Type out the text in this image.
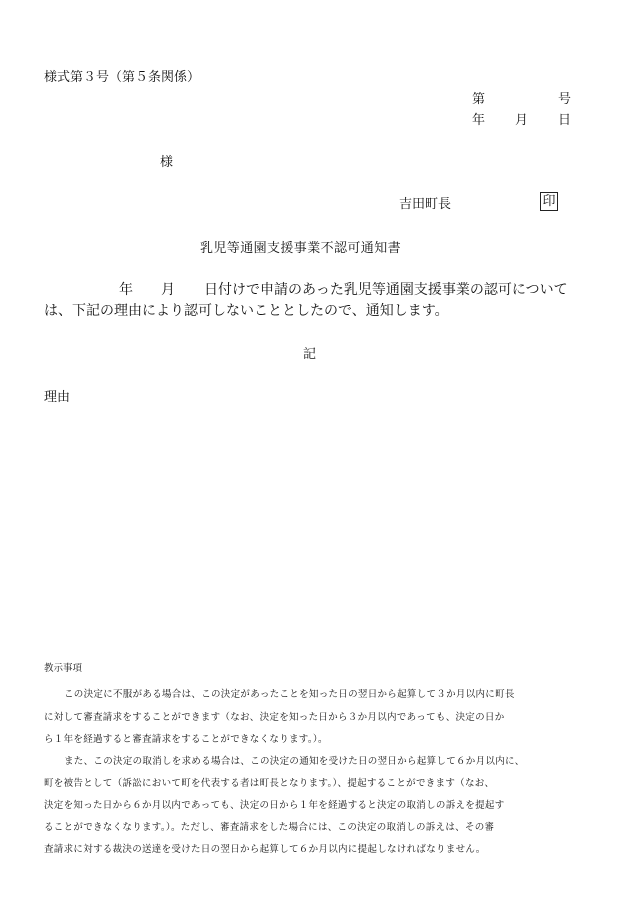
様式第３号（第５条関係）
第	号
年 月 日
様
吉田町長	印
乳児等通園支援事業不認可通知書
年 月 日付けで申請のあった乳児等通園支援事業の認可について
は、下記の理由により認可しないこととしたので、通知します。
記
理由
教示事項
この決定に不服がある場合は、この決定があったことを知った日の翌日から起算して３か月以内に町長
に対して審査請求をすることができます（なお、決定を知った日から３か月以内であっても、決定の日か
ら１年を経過すると審査請求をすることができなくなります。）。
また、この決定の取消しを求める場合は、この決定の通知を受けた日の翌日から起算して６か月以内に、
町を被告として（訴訟において町を代表する者は町長となります。）、提起することができます（なお、
決定を知った日から６か月以内であっても、決定の日から１年を経過すると決定の取消しの訴えを提起す
ることができなくなります。）。ただし、審査請求をした場合には、この決定の取消しの訴えは、その審
査請求に対する裁決の送達を受けた日の翌日から起算して６か月以内に提起しなければなりません。
